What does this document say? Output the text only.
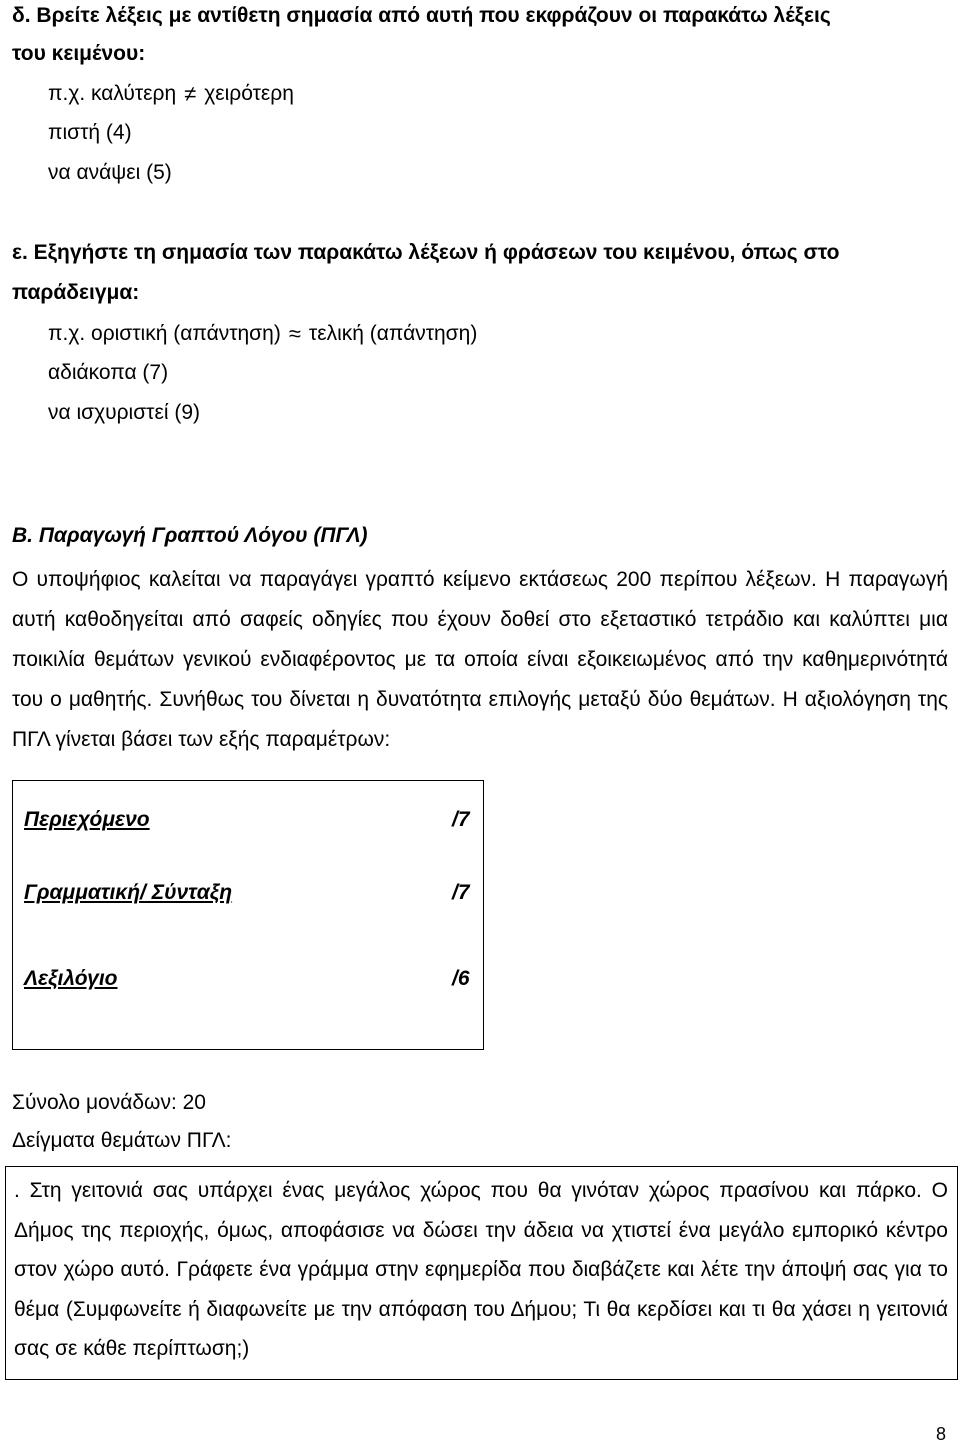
δ. Βρείτε λέξεις με αντίθετη σημασία από αυτή που εκφράζουν οι παρακάτω λέξεις
του κειμένου:
π.χ. καλύτερη ≠ χειρότερη
πιστή (4)
να ανάψει (5)
ε. Εξηγήστε τη σημασία των παρακάτω λέξεων ή φράσεων του κειμένου, όπως στο
παράδειγμα:
π.χ. οριστική (απάντηση) ≈ τελική (απάντηση)
αδιάκοπα (7)
να ισχυριστεί (9)
Β. Παραγωγή Γραπτού Λόγου (ΠΓΛ)
Ο υποψήφιος καλείται να παραγάγει γραπτό κείμενο εκτάσεως 200 περίπου λέξεων. Η παραγωγή αυτή καθοδηγείται από σαφείς οδηγίες που έχουν δοθεί στο εξεταστικό τετράδιο και καλύπτει μια ποικιλία θεμάτων γενικού ενδιαφέροντος με τα οποία είναι εξοικειωμένος από την καθημερινότητά του ο μαθητής. Συνήθως του δίνεται η δυνατότητα επιλογής μεταξύ δύο θεμάτων. Η αξιολόγηση της ΠΓΛ γίνεται βάσει των εξής παραμέτρων:
Περιεχόμενο	/7
Γραμματική/ Σύνταξη	/7
Λεξιλόγιο	/6
Σύνολο μονάδων: 20
Δείγματα θεμάτων ΠΓΛ:
. Στη γειτονιά σας υπάρχει ένας μεγάλος χώρος που θα γινόταν χώρος πρασίνου και πάρκο. Ο Δήμος της περιοχής, όμως, αποφάσισε να δώσει την άδεια να χτιστεί ένα μεγάλο εμπορικό κέντρο στον χώρο αυτό. Γράφετε ένα γράμμα στην εφημερίδα που διαβάζετε και λέτε την άποψή σας για το θέμα (Συμφωνείτε ή διαφωνείτε με την απόφαση του Δήμου; Τι θα κερδίσει και τι θα χάσει η γειτονιά σας σε κάθε περίπτωση;)
8
